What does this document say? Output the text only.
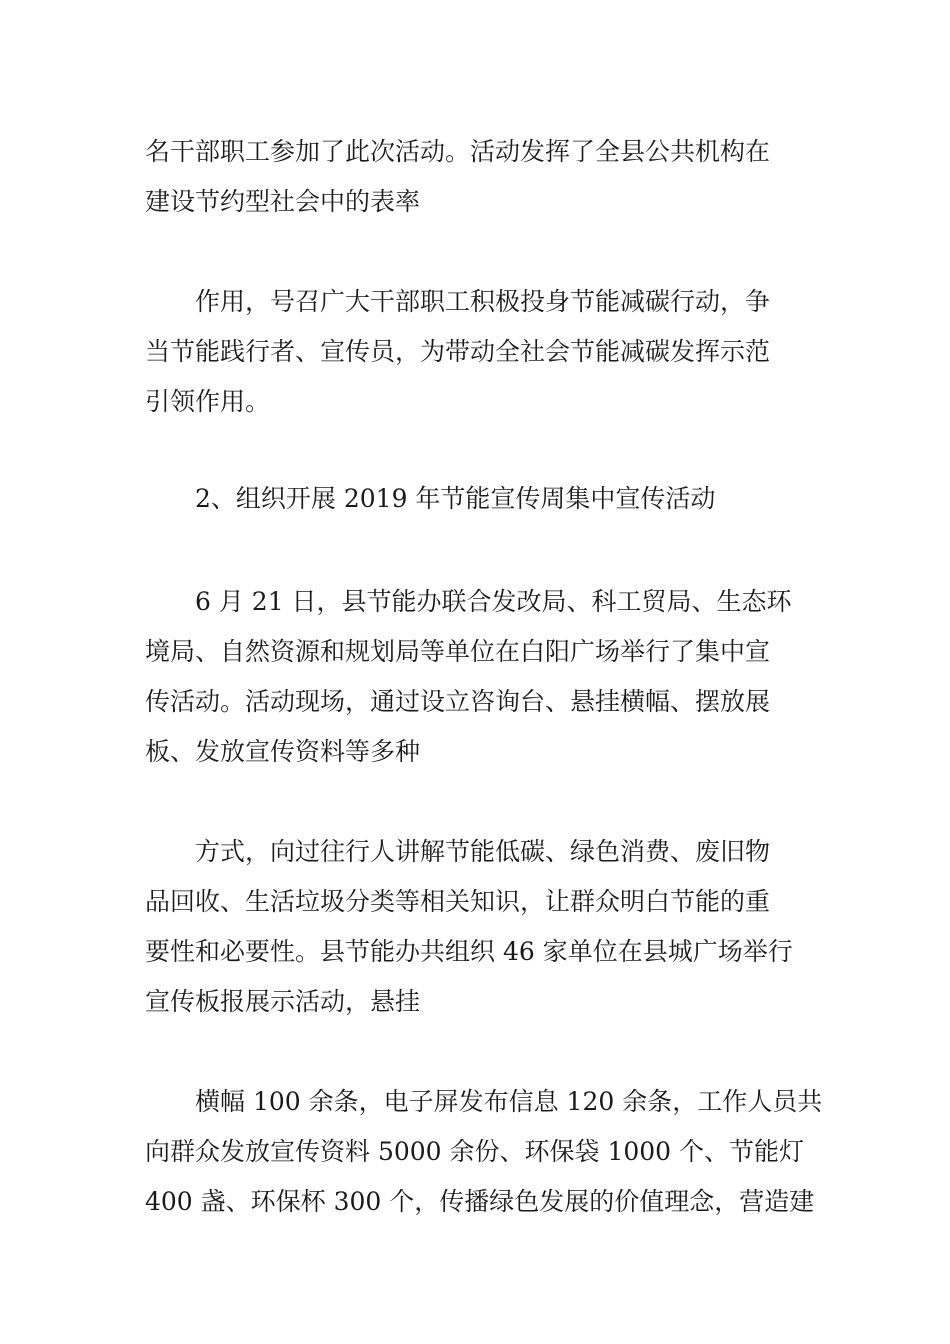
名干部职工参加了此次活动。活动发挥了全县公共机构在
建设节约型社会中的表率

作用，号召广大干部职工积极投身节能减碳行动，争
当节能践行者、宣传员，为带动全社会节能减碳发挥示范
引领作用。

2、组织开展 2019 年节能宣传周集中宣传活动

6 月 21 日，县节能办联合发改局、科工贸局、生态环
境局、自然资源和规划局等单位在白阳广场举行了集中宣
传活动。活动现场，通过设立咨询台、悬挂横幅、摆放展
板、发放宣传资料等多种

方式，向过往行人讲解节能低碳、绿色消费、废旧物
品回收、生活垃圾分类等相关知识，让群众明白节能的重
要性和必要性。县节能办共组织 46 家单位在县城广场举行
宣传板报展示活动，悬挂

横幅 100 余条，电子屏发布信息 120 余条，工作人员共
向群众发放宣传资料 5000 余份、环保袋 1000 个、节能灯
400 盏、环保杯 300 个，传播绿色发展的价值理念，营造建
